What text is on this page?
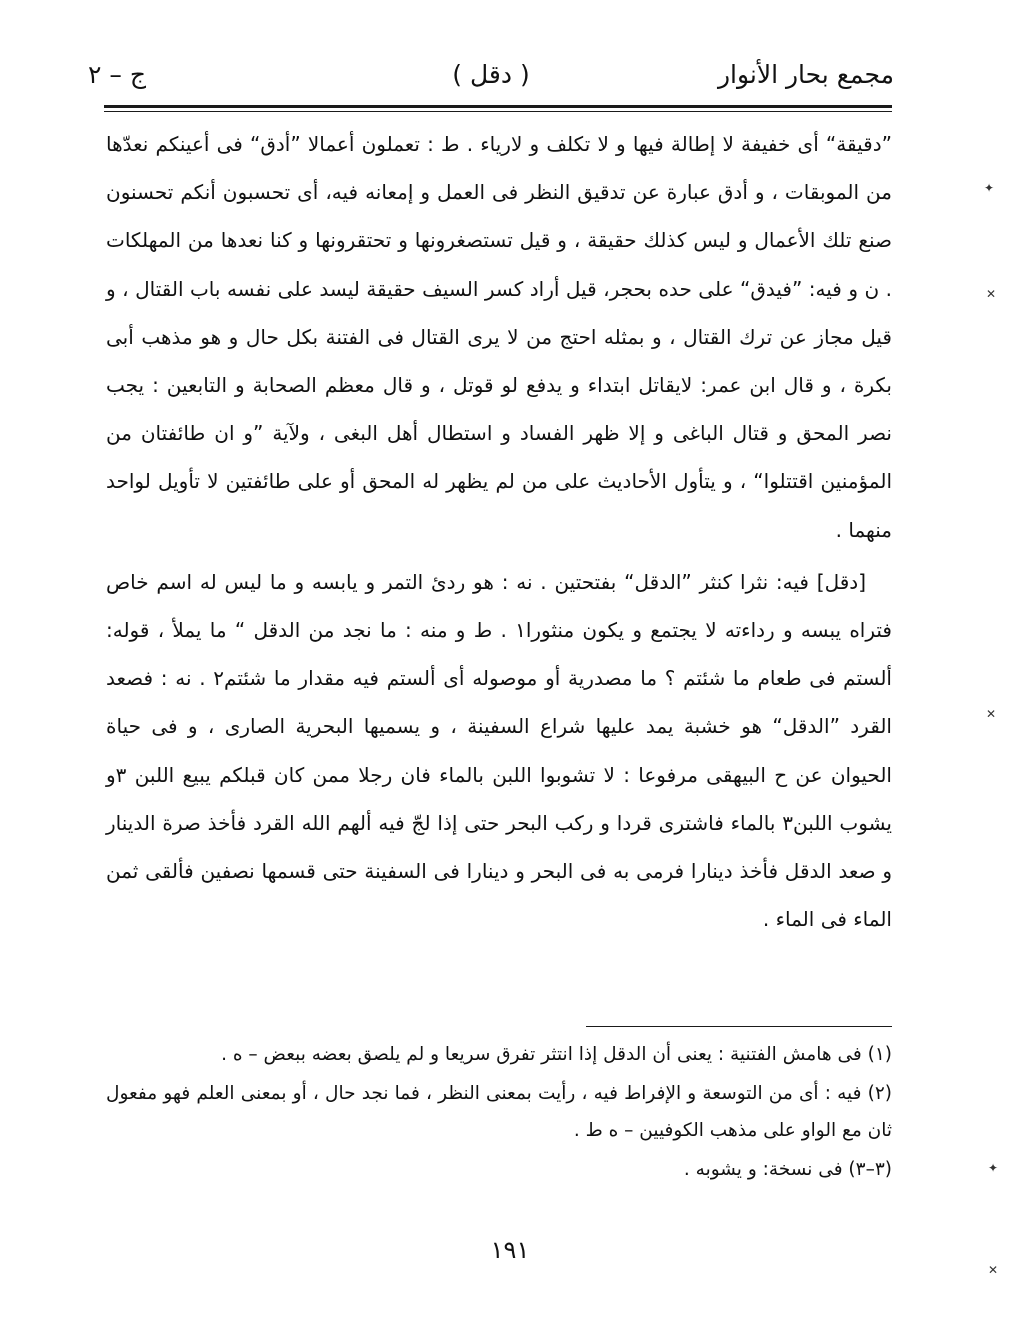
مجمع بحار الأنوار
( دقل )
ج – ٢

”دقيقة“ أى خفيفة لا إطالة فيها و لا تكلف و لارياء . ط : تعملون أعمالا ”أدق“ فى أعينكم نعدّها من الموبقات ، و أدق عبارة عن تدقيق النظر فى العمل و إمعانه فيه، أى تحسبون أنكم تحسنون صنع تلك الأعمال و ليس كذلك حقيقة ، و قيل تستصغرونها و تحتقرونها و كنا نعدها من المهلكات . ن و فيه: ”فيدق“ على حده بحجر، قيل أراد كسر السيف حقيقة ليسد على نفسه باب القتال ، و قيل مجاز عن ترك القتال ، و بمثله احتج من لا يرى القتال فى الفتنة بكل حال و هو مذهب أبى بكرة ، و قال ابن عمر: لايقاتل ابتداء و يدفع لو قوتل ، و قال معظم الصحابة و التابعين : يجب نصر المحق و قتال الباغى و إلا ظهر الفساد و استطال أهل البغى ، ولآية ”و ان طائفتان من المؤمنين اقتتلوا“ ، و يتأول الأحاديث على من لم يظهر له المحق أو على طائفتين لا تأويل لواحد منهما .

[دقل] فيه: نثرا كنثر ”الدقل“ بفتحتين . نه : هو ردئ التمر و يابسه و ما ليس له اسم خاص فتراه يبسه و رداءته لا يجتمع و يكون منثورا١ . ط و منه : ما نجد من الدقل “ ما يملأ ، قوله: ألستم فى طعام ما شئتم ؟ ما مصدرية أو موصوله أى ألستم فيه مقدار ما شئتم٢ . نه : فصعد القرد ”الدقل“ هو خشبة يمد عليها شراع السفينة ، و يسميها البحرية الصارى ، و فى حياة الحيوان عن ح البيهقى مرفوعا : لا تشوبوا اللبن بالماء فان رجلا ممن كان قبلكم يبيع اللبن ٣و يشوب اللبن٣ بالماء فاشترى قردا و ركب البحر حتى إذا لجّ فيه ألهم الله القرد فأخذ صرة الدينار و صعد الدقل فأخذ دينارا فرمى به فى البحر و دينارا فى السفينة حتى قسمها نصفين فألقى ثمن الماء فى الماء .

(١) فى هامش الفتنية : يعنى أن الدقل إذا انتثر تفرق سريعا و لم يلصق بعضه ببعض – ه .

(٢) فيه : أى من التوسعة و الإفراط فيه ، رأيت بمعنى النظر ، فما نجد حال ، أو بمعنى العلم فهو مفعول ثان مع الواو على مذهب الكوفيين – ه ط .

(٣–٣) فى نسخة: و يشوبه .

١٩١
✦
✕
✕
✦
✕
